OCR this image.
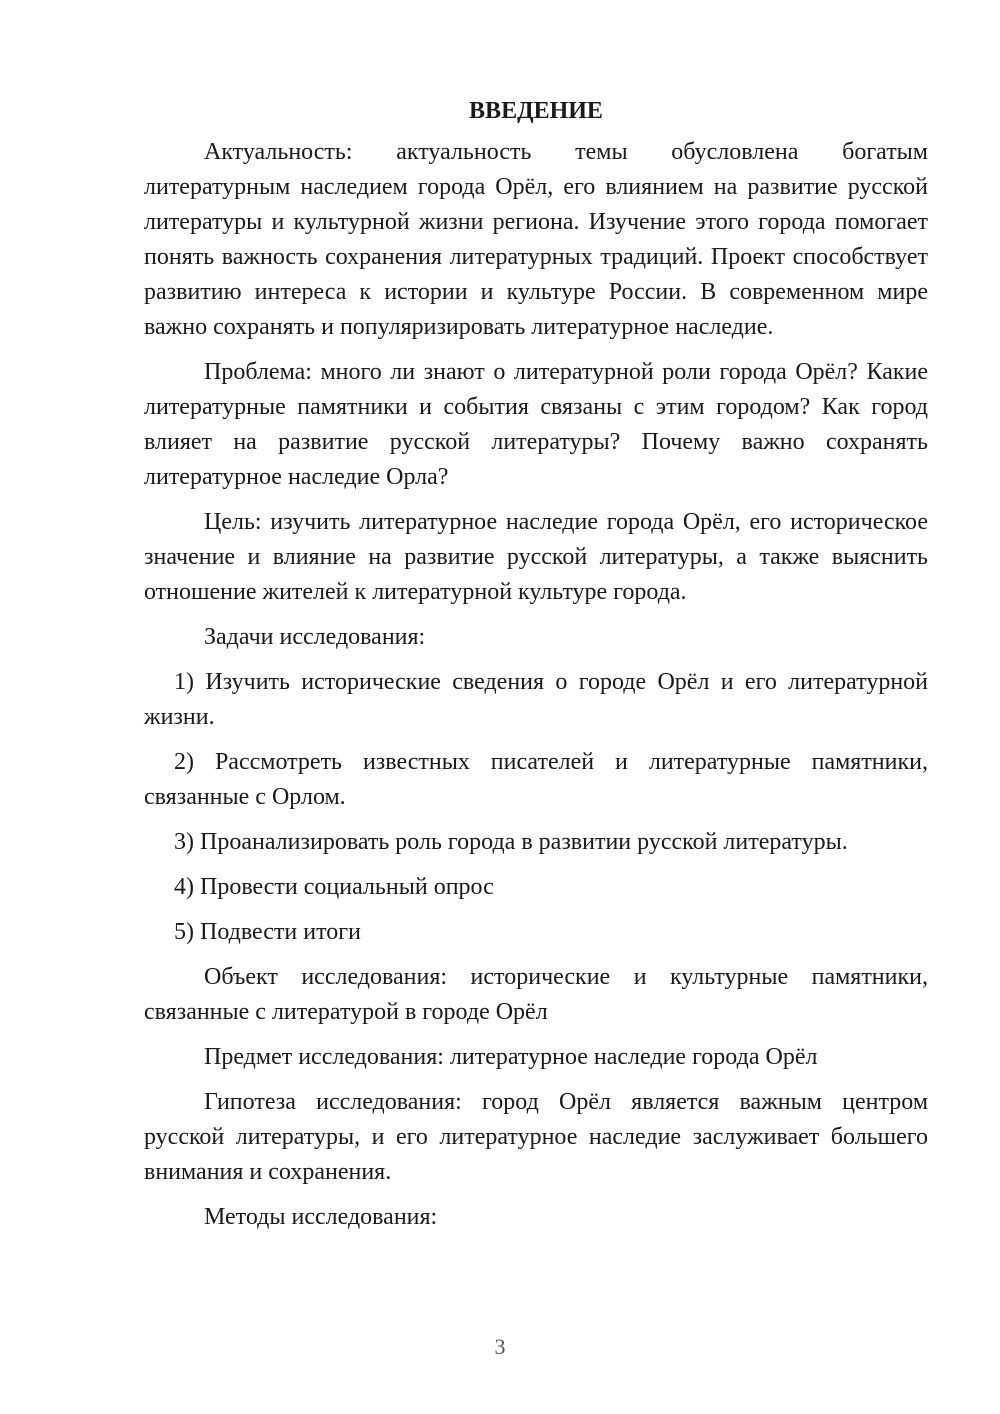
ВВЕДЕНИЕ

Актуальность: актуальность темы обусловлена богатым литературным наследием города Орёл, его влиянием на развитие русской литературы и культурной жизни региона. Изучение этого города помогает понять важность сохранения литературных традиций. Проект способствует развитию интереса к истории и культуре России. В современном мире важно сохранять и популяризировать литературное наследие.

Проблема: много ли знают о литературной роли города Орёл? Какие литературные памятники и события связаны с этим городом? Как город влияет на развитие русской литературы? Почему важно сохранять литературное наследие Орла?

Цель: изучить литературное наследие города Орёл, его историческое значение и влияние на развитие русской литературы, а также выяснить отношение жителей к литературной культуре города.

Задачи исследования:

1) Изучить исторические сведения о городе Орёл и его литературной жизни.

2) Рассмотреть известных писателей и литературные памятники, связанные с Орлом.

3) Проанализировать роль города в развитии русской литературы.

4) Провести социальный опрос

5) Подвести итоги

Объект исследования: исторические и культурные памятники, связанные с литературой в городе Орёл

Предмет исследования: литературное наследие города Орёл

Гипотеза исследования: город Орёл является важным центром русской литературы, и его литературное наследие заслуживает большего внимания и сохранения.

Методы исследования:

3
